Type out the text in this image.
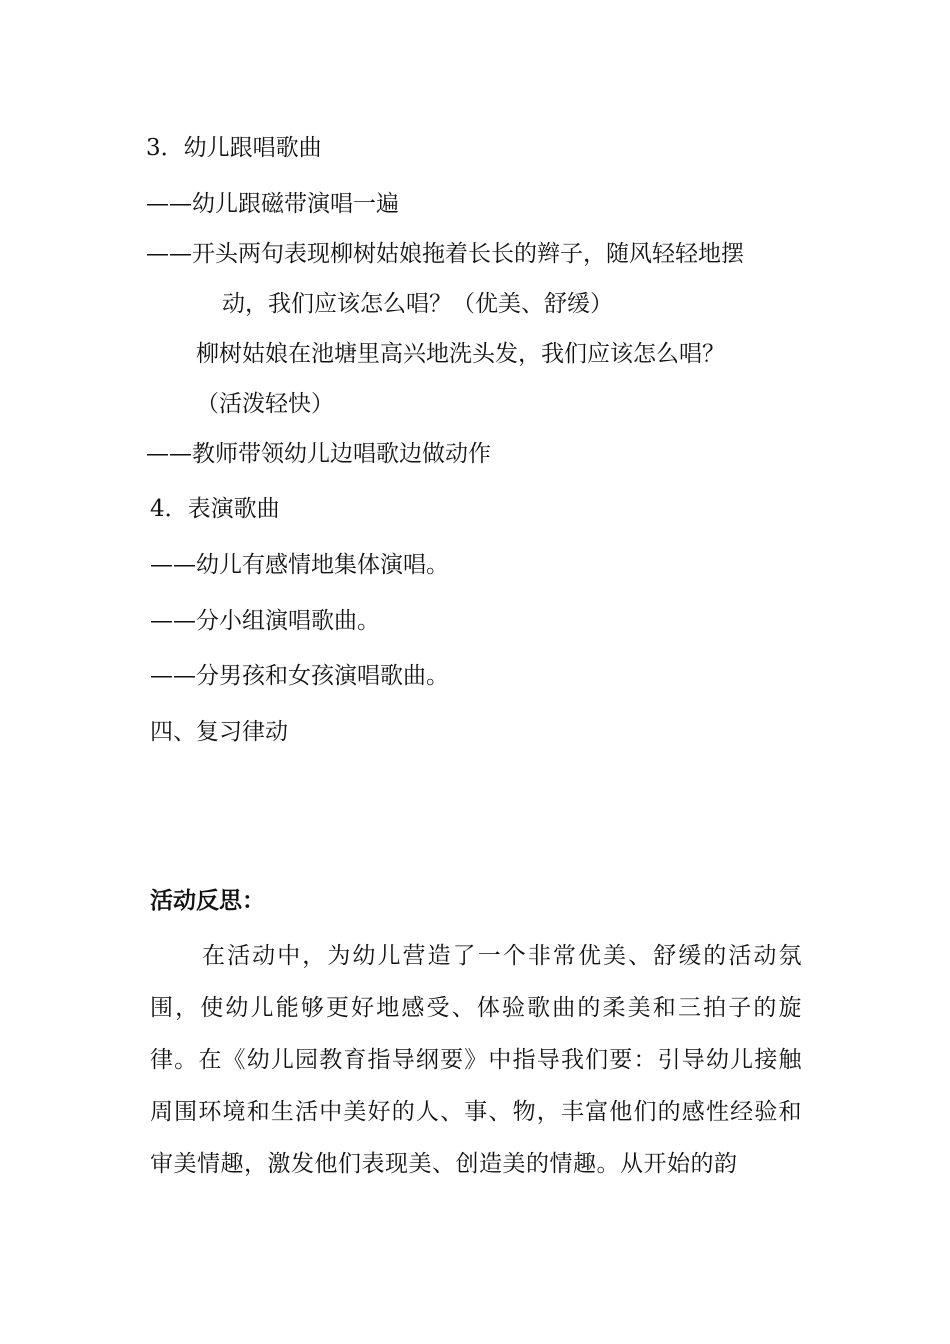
3．幼儿跟唱歌曲
——幼儿跟磁带演唱一遍
——开头两句表现柳树姑娘拖着长长的辫子，随风轻轻地摆
动，我们应该怎么唱？（优美、舒缓）
柳树姑娘在池塘里高兴地洗头发，我们应该怎么唱？
（活泼轻快）
——教师带领幼儿边唱歌边做动作
4．表演歌曲
——幼儿有感情地集体演唱。
——分小组演唱歌曲。
——分男孩和女孩演唱歌曲。
四、复习律动
活动反思：
在活动中，为幼儿营造了一个非常优美、舒缓的活动氛围，使幼儿能够更好地感受、体验歌曲的柔美和三拍子的旋律。在《幼儿园教育指导纲要》中指导我们要：引导幼儿接触周围环境和生活中美好的人、事、物，丰富他们的感性经验和审美情趣，激发他们表现美、创造美的情趣。从开始的韵
